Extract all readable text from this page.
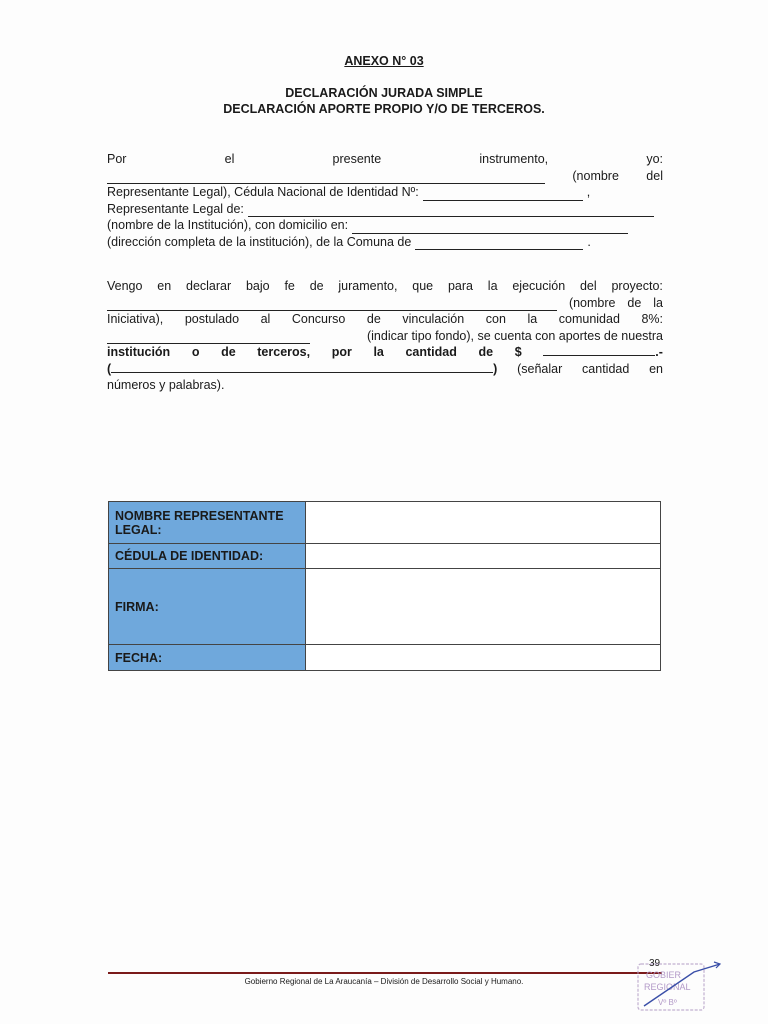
ANEXO N° 03
DECLARACIÓN JURADA SIMPLE
DECLARACIÓN APORTE PROPIO Y/O DE TERCEROS.
Por	el	presente	instrumento,	yo:
(nombre del
Representante Legal), Cédula Nacional de Identidad Nº:	,
Representante Legal de:
(nombre de la Institución), con domicilio en:
(dirección completa de la institución), de la Comuna de	.
Vengo en declarar bajo fe de juramento, que para la ejecución del proyecto:
(nombre de la
Iniciativa), postulado al Concurso de vinculación con la comunidad 8%:
(indicar tipo fondo), se cuenta con aportes de nuestra
institución o de terceros, por la cantidad de $	.-
(	) (señalar cantidad en
números y palabras).
NOMBRE REPRESENTANTE LEGAL:	
CÉDULA DE IDENTIDAD:	
FIRMA:	
FECHA:	
39
Gobierno Regional de La Araucanía – División de Desarrollo Social y Humano.
GOBIER
REGIONAL
Vº Bº
